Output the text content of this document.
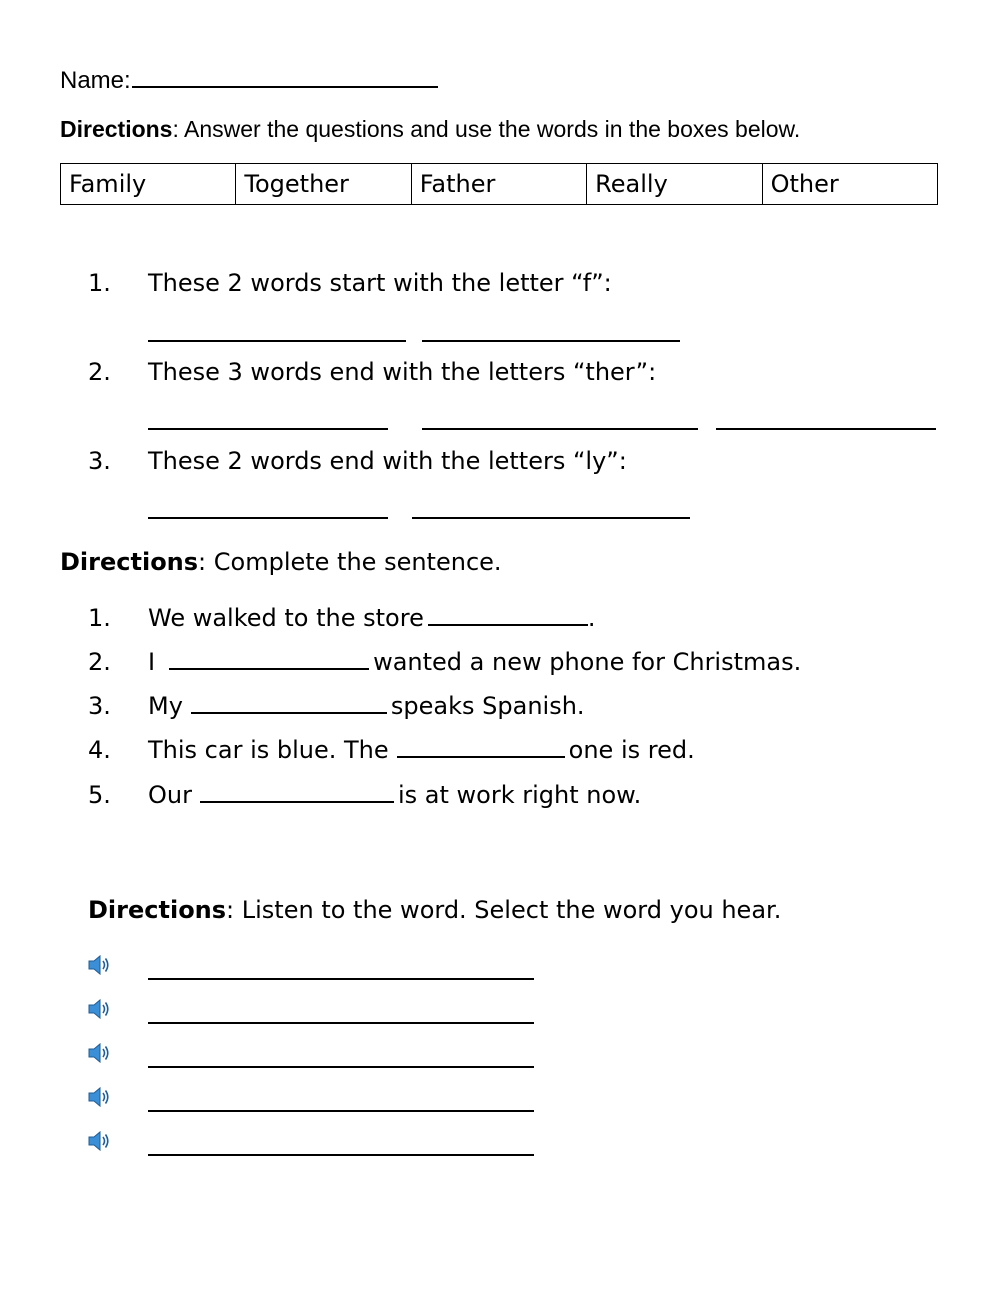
Name:
Directions: Answer the questions and use the words in the boxes below.
Family	Together	Father	Really	Other
1. These 2 words start with the letter “f”:
2. These 3 words end with the letters “ther”:
3. These 2 words end with the letters “ly”:
Directions: Complete the sentence.
1. We walked to the store	.
2. I	wanted a new phone for Christmas.
3. My	speaks Spanish.
4. This car is blue. The	one is red.
5. Our	is at work right now.
Directions: Listen to the word. Select the word you hear.
